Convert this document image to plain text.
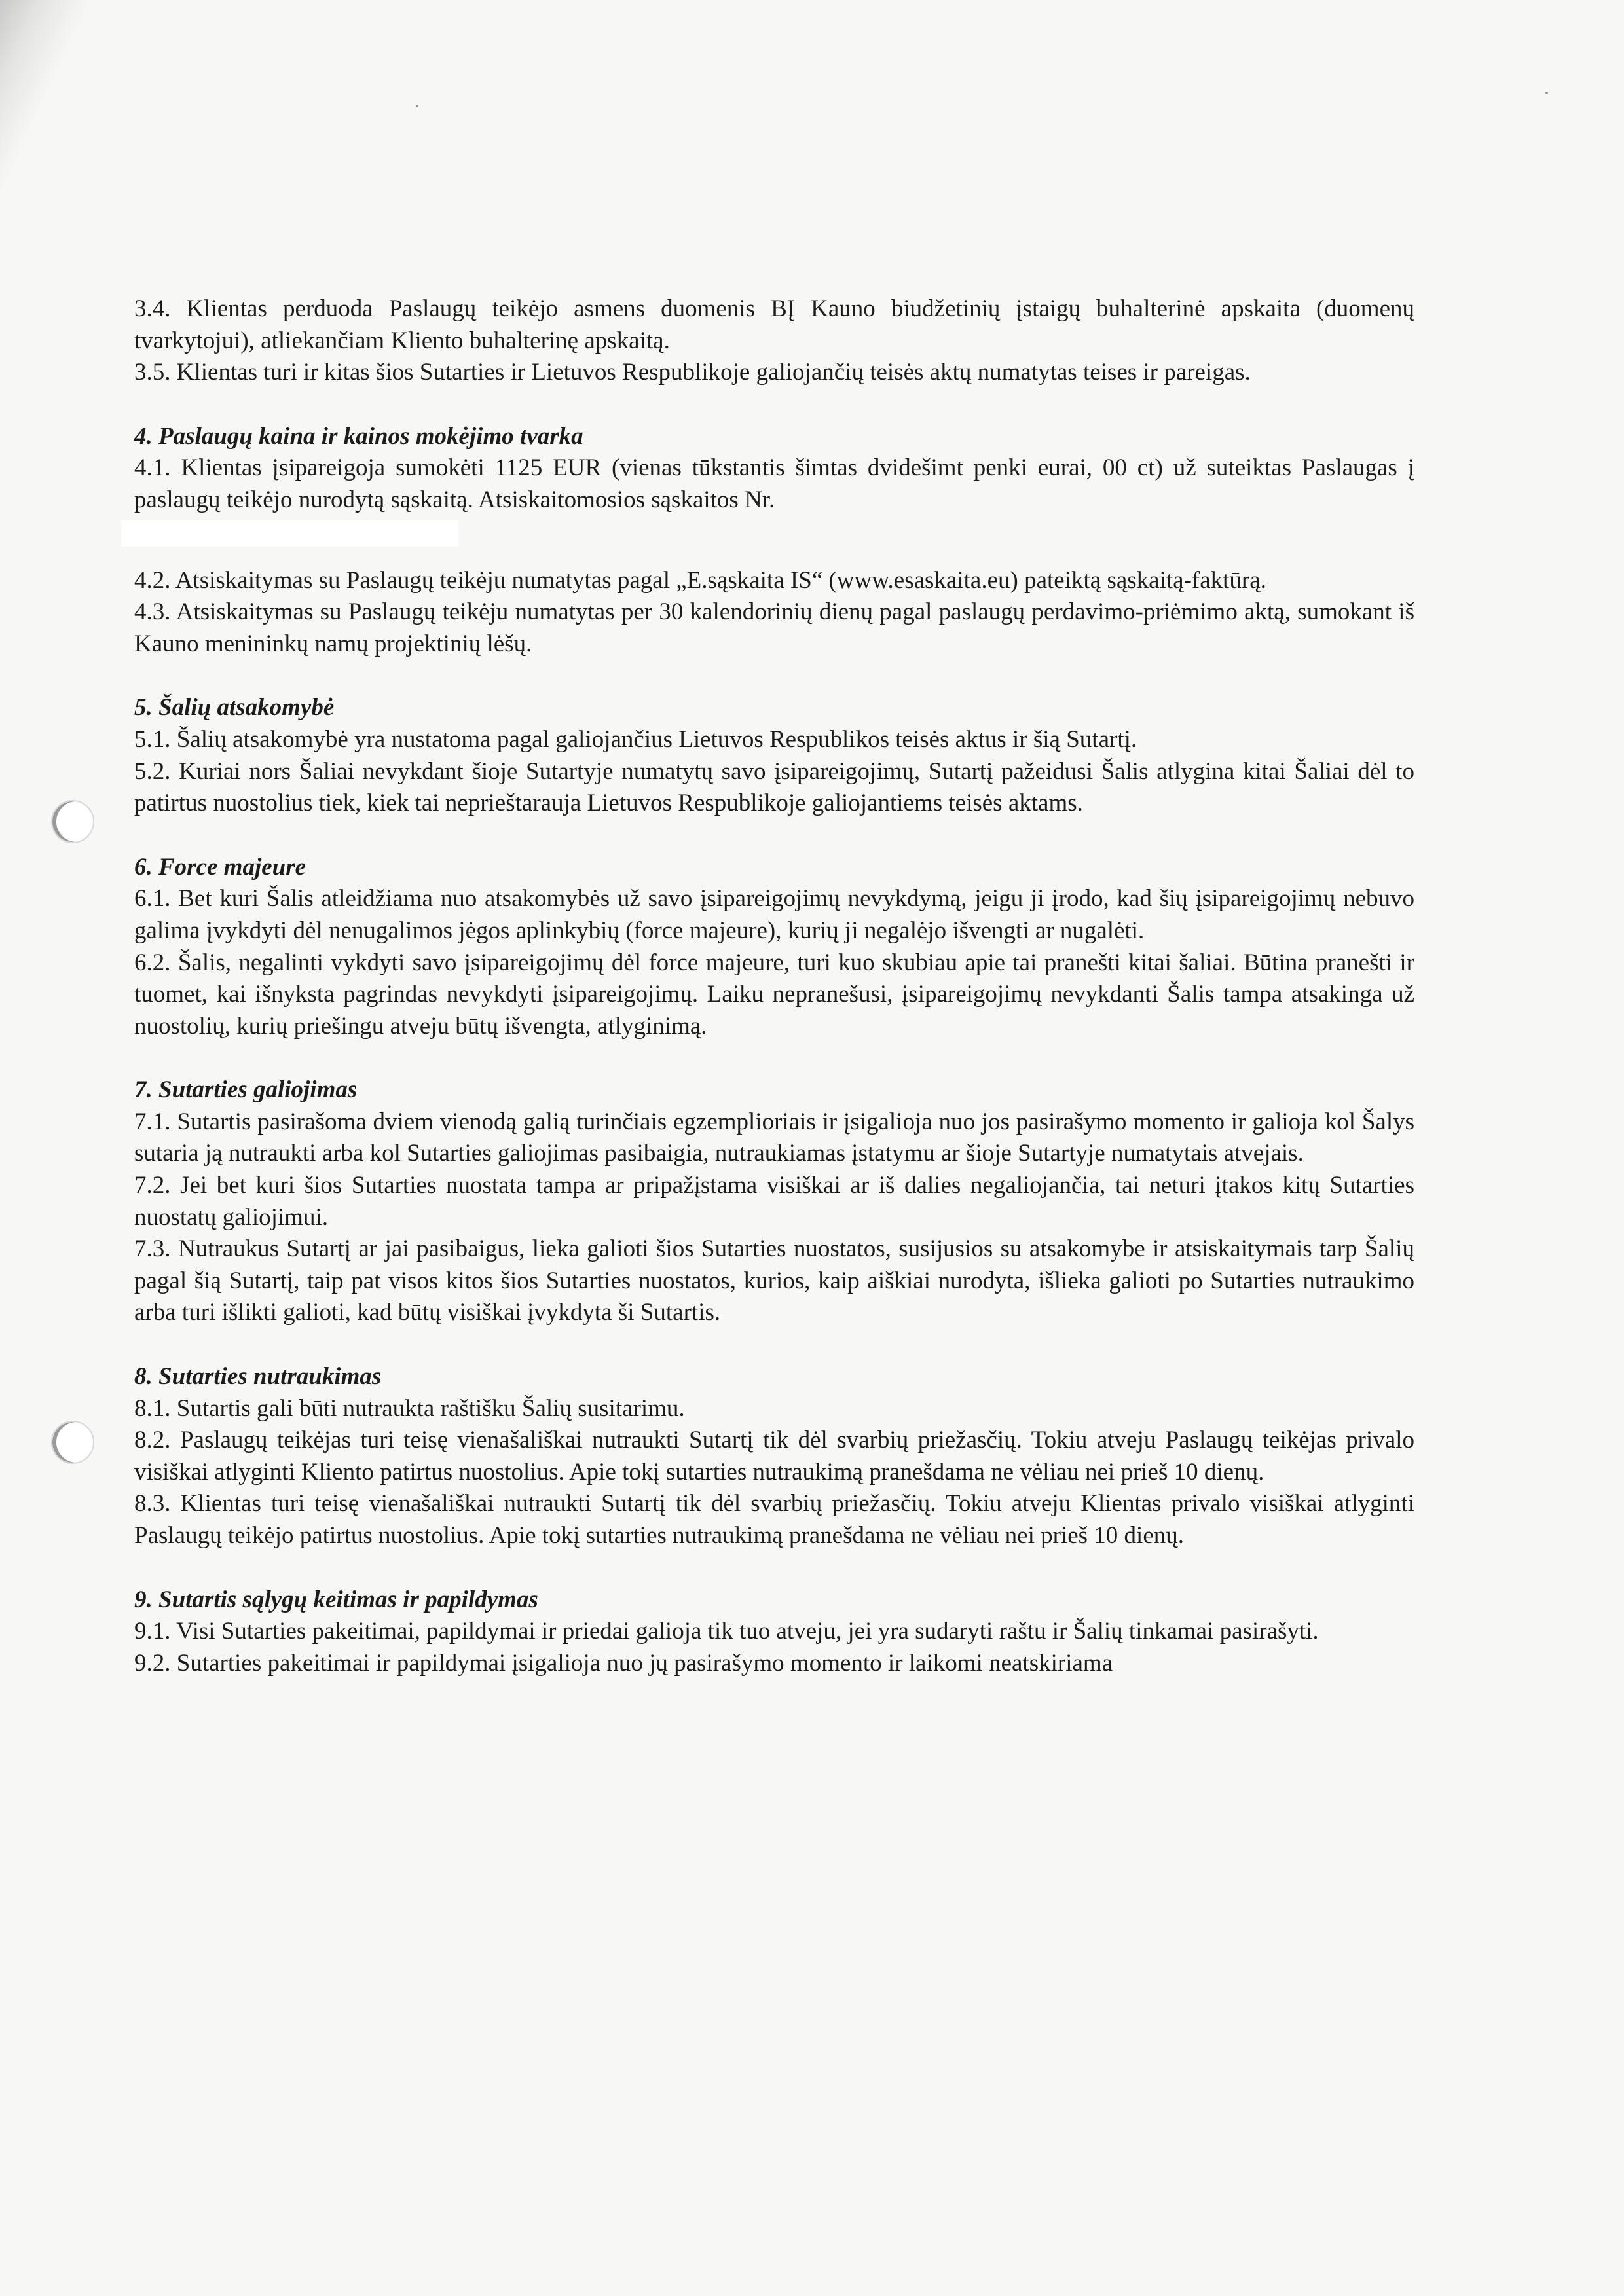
3.4. Klientas perduoda Paslaugų teikėjo asmens duomenis BĮ Kauno biudžetinių įstaigų buhalterinė apskaita (duomenų tvarkytojui), atliekančiam Kliento buhalterinę apskaitą.

3.5. Klientas turi ir kitas šios Sutarties ir Lietuvos Respublikoje galiojančių teisės aktų numatytas teises ir pareigas.

4. Paslaugų kaina ir kainos mokėjimo tvarka

4.1. Klientas įsipareigoja sumokėti 1125 EUR (vienas tūkstantis šimtas dvidešimt penki eurai, 00 ct) už suteiktas Paslaugas į paslaugų teikėjo nurodytą sąskaitą. Atsiskaitomosios sąskaitos Nr.

4.2. Atsiskaitymas su Paslaugų teikėju numatytas pagal „E.sąskaita IS“ (www.esaskaita.eu) pateiktą sąskaitą-faktūrą.

4.3. Atsiskaitymas su Paslaugų teikėju numatytas per 30 kalendorinių dienų pagal paslaugų perdavimo-priėmimo aktą, sumokant iš Kauno menininkų namų projektinių lėšų.

5. Šalių atsakomybė

5.1. Šalių atsakomybė yra nustatoma pagal galiojančius Lietuvos Respublikos teisės aktus ir šią Sutartį.

5.2. Kuriai nors Šaliai nevykdant šioje Sutartyje numatytų savo įsipareigojimų, Sutartį pažeidusi Šalis atlygina kitai Šaliai dėl to patirtus nuostolius tiek, kiek tai neprieštarauja Lietuvos Respublikoje galiojantiems teisės aktams.

6. Force majeure

6.1. Bet kuri Šalis atleidžiama nuo atsakomybės už savo įsipareigojimų nevykdymą, jeigu ji įrodo, kad šių įsipareigojimų nebuvo galima įvykdyti dėl nenugalimos jėgos aplinkybių (force majeure), kurių ji negalėjo išvengti ar nugalėti.

6.2. Šalis, negalinti vykdyti savo įsipareigojimų dėl force majeure, turi kuo skubiau apie tai pranešti kitai šaliai. Būtina pranešti ir tuomet, kai išnyksta pagrindas nevykdyti įsipareigojimų. Laiku nepranešusi, įsipareigojimų nevykdanti Šalis tampa atsakinga už nuostolių, kurių priešingu atveju būtų išvengta, atlyginimą.

7. Sutarties galiojimas

7.1. Sutartis pasirašoma dviem vienodą galią turinčiais egzemplioriais ir įsigalioja nuo jos pasirašymo momento ir galioja kol Šalys sutaria ją nutraukti arba kol Sutarties galiojimas pasibaigia, nutraukiamas įstatymu ar šioje Sutartyje numatytais atvejais.

7.2. Jei bet kuri šios Sutarties nuostata tampa ar pripažįstama visiškai ar iš dalies negaliojančia, tai neturi įtakos kitų Sutarties nuostatų galiojimui.

7.3. Nutraukus Sutartį ar jai pasibaigus, lieka galioti šios Sutarties nuostatos, susijusios su atsakomybe ir atsiskaitymais tarp Šalių pagal šią Sutartį, taip pat visos kitos šios Sutarties nuostatos, kurios, kaip aiškiai nurodyta, išlieka galioti po Sutarties nutraukimo arba turi išlikti galioti, kad būtų visiškai įvykdyta ši Sutartis.

8. Sutarties nutraukimas

8.1. Sutartis gali būti nutraukta raštišku Šalių susitarimu.

8.2. Paslaugų teikėjas turi teisę vienašališkai nutraukti Sutartį tik dėl svarbių priežasčių. Tokiu atveju Paslaugų teikėjas privalo visiškai atlyginti Kliento patirtus nuostolius. Apie tokį sutarties nutraukimą pranešdama ne vėliau nei prieš 10 dienų.

8.3. Klientas turi teisę vienašališkai nutraukti Sutartį tik dėl svarbių priežasčių. Tokiu atveju Klientas privalo visiškai atlyginti Paslaugų teikėjo patirtus nuostolius. Apie tokį sutarties nutraukimą pranešdama ne vėliau nei prieš 10 dienų.

9. Sutartis sąlygų keitimas ir papildymas

9.1. Visi Sutarties pakeitimai, papildymai ir priedai galioja tik tuo atveju, jei yra sudaryti raštu ir Šalių tinkamai pasirašyti.

9.2. Sutarties pakeitimai ir papildymai įsigalioja nuo jų pasirašymo momento ir laikomi neatskiriama
